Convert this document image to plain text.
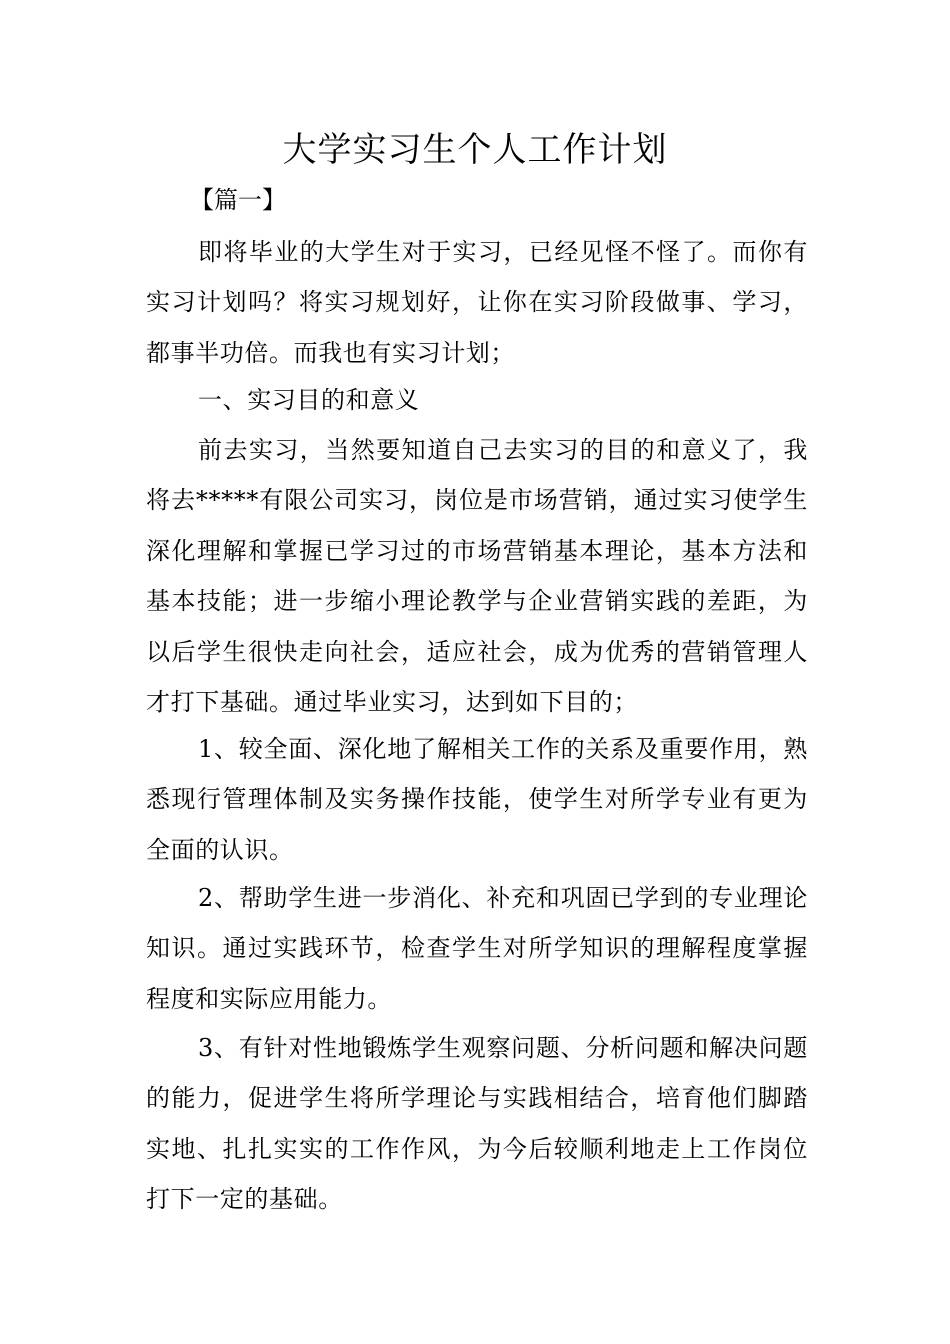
大学实习生个人工作计划
【篇一】

即将毕业的大学生对于实习，已经见怪不怪了。而你有实习计划吗？将实习规划好，让你在实习阶段做事、学习，都事半功倍。而我也有实习计划；

一、实习目的和意义

前去实习，当然要知道自己去实习的目的和意义了，我将去*****有限公司实习，岗位是市场营销，通过实习使学生深化理解和掌握已学习过的市场营销基本理论，基本方法和基本技能；进一步缩小理论教学与企业营销实践的差距，为以后学生很快走向社会，适应社会，成为优秀的营销管理人才打下基础。通过毕业实习，达到如下目的；

1、较全面、深化地了解相关工作的关系及重要作用，熟悉现行管理体制及实务操作技能，使学生对所学专业有更为全面的认识。

2、帮助学生进一步消化、补充和巩固已学到的专业理论知识。通过实践环节，检查学生对所学知识的理解程度掌握程度和实际应用能力。

3、有针对性地锻炼学生观察问题、分析问题和解决问题的能力，促进学生将所学理论与实践相结合，培育他们脚踏实地、扎扎实实的工作作风，为今后较顺利地走上工作岗位打下一定的基础。
